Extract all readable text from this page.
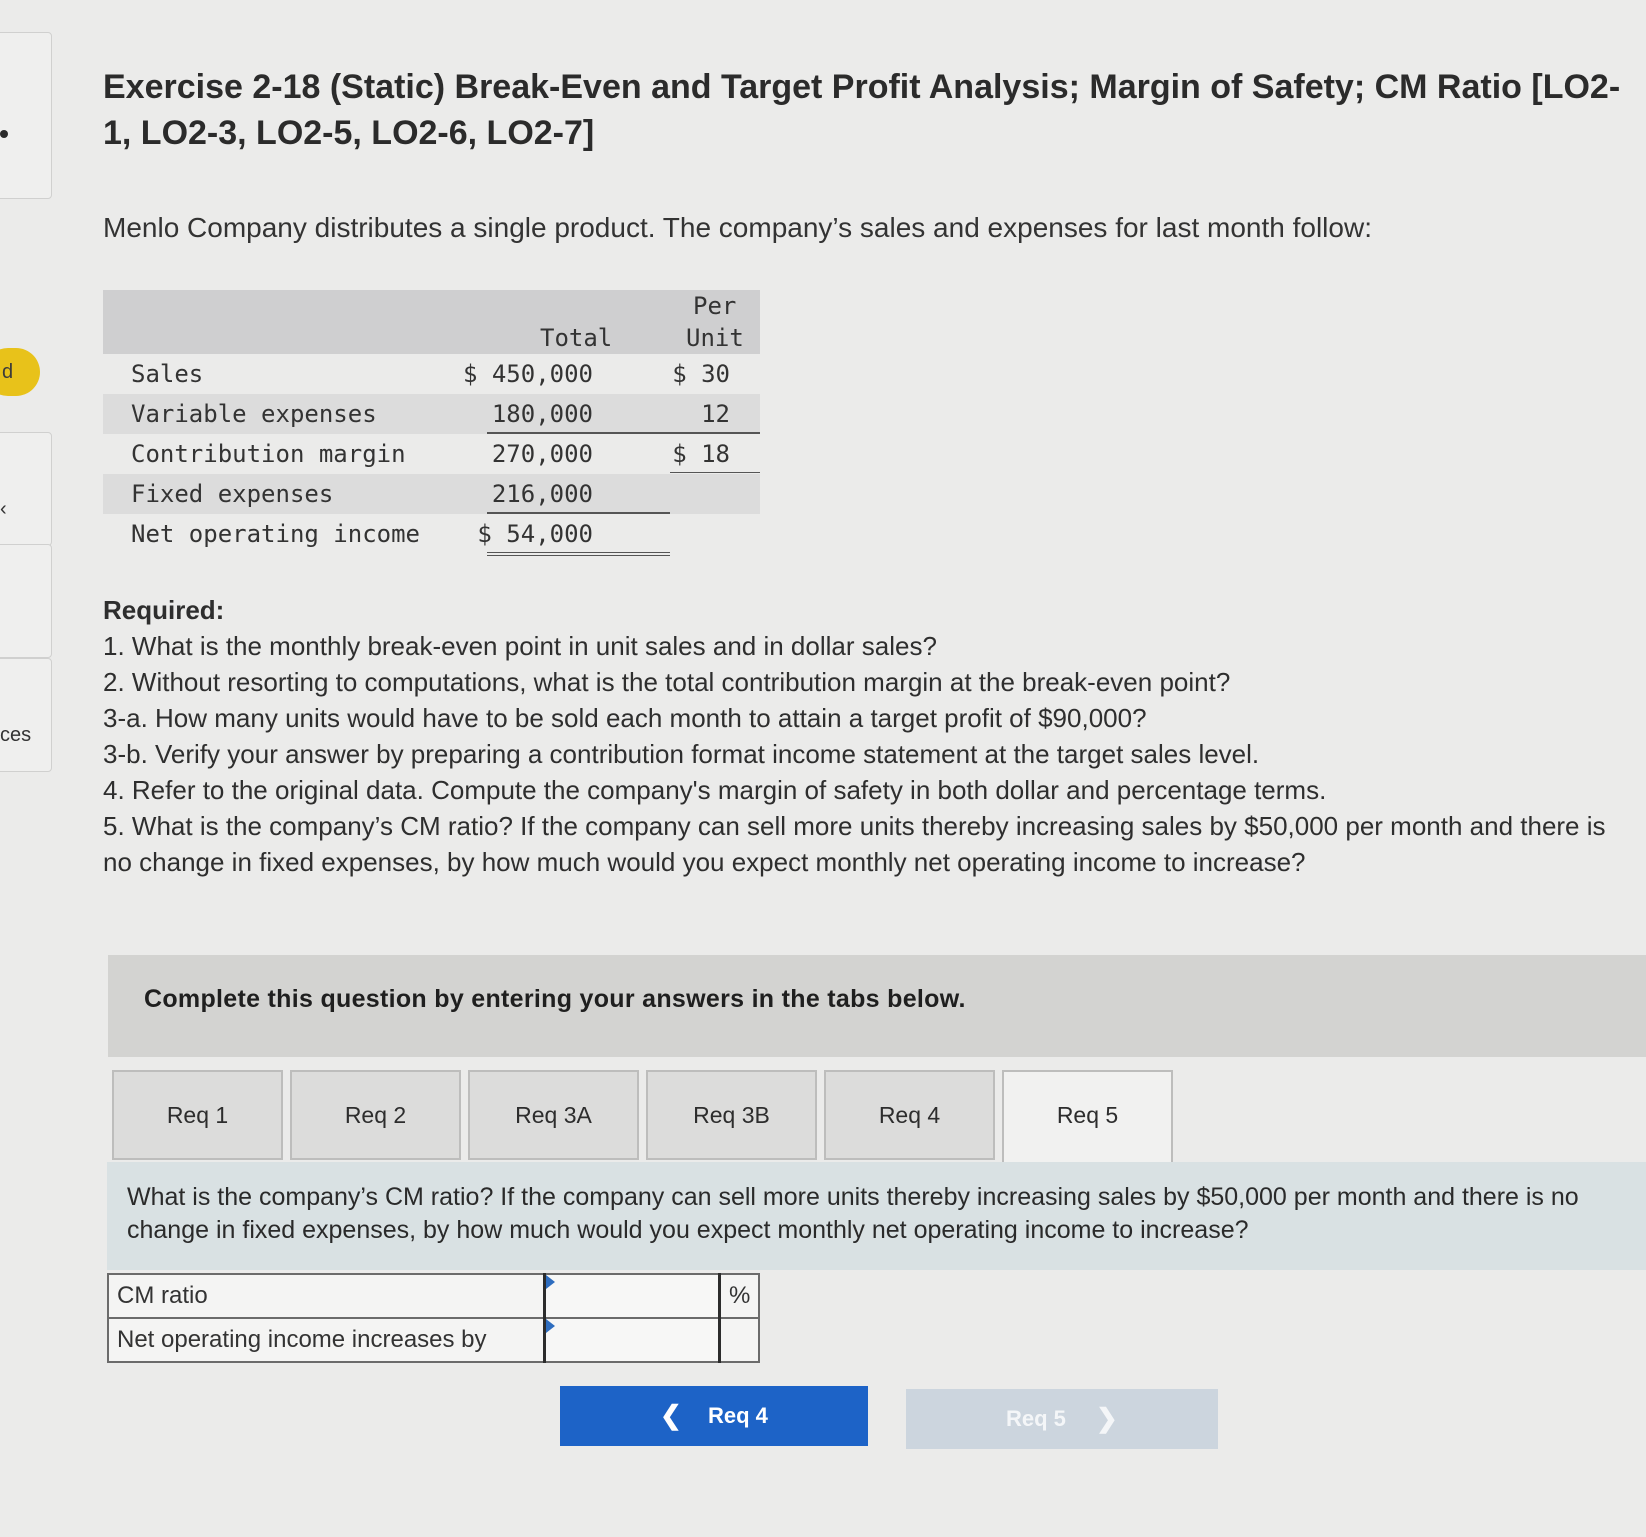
d
‹
ces
Exercise 2-18 (Static) Break-Even and Target Profit Analysis; Margin of Safety; CM Ratio [LO2-1, LO2-3, LO2-5, LO2-6, LO2-7]

Menlo Company distributes a single product. The company’s sales and expenses for last month follow:

Total
Per
Unit
Sales	$ 450,000	$ 30
Variable expenses	180,000	12
Contribution margin	270,000	$ 18
Fixed expenses	216,000
Net operating income $ 54,000

Required:

1. What is the monthly break-even point in unit sales and in dollar sales?

2. Without resorting to computations, what is the total contribution margin at the break-even point?

3-a. How many units would have to be sold each month to attain a target profit of $90,000?

3-b. Verify your answer by preparing a contribution format income statement at the target sales level.

4. Refer to the original data. Compute the company's margin of safety in both dollar and percentage terms.

5. What is the company’s CM ratio? If the company can sell more units thereby increasing sales by $50,000 per month and there is no change in fixed expenses, by how much would you expect monthly net operating income to increase?

Complete this question by entering your answers in the tabs below.
Req 1	Req 2	Req 3A	Req 3B	Req 4	Req 5
What is the company’s CM ratio? If the company can sell more units thereby increasing sales by $50,000 per month and there is no change in fixed expenses, by how much would you expect monthly net operating income to increase?
CM ratio		%
Net operating income increases by	

❮ Req 4	Req 5 ❯
